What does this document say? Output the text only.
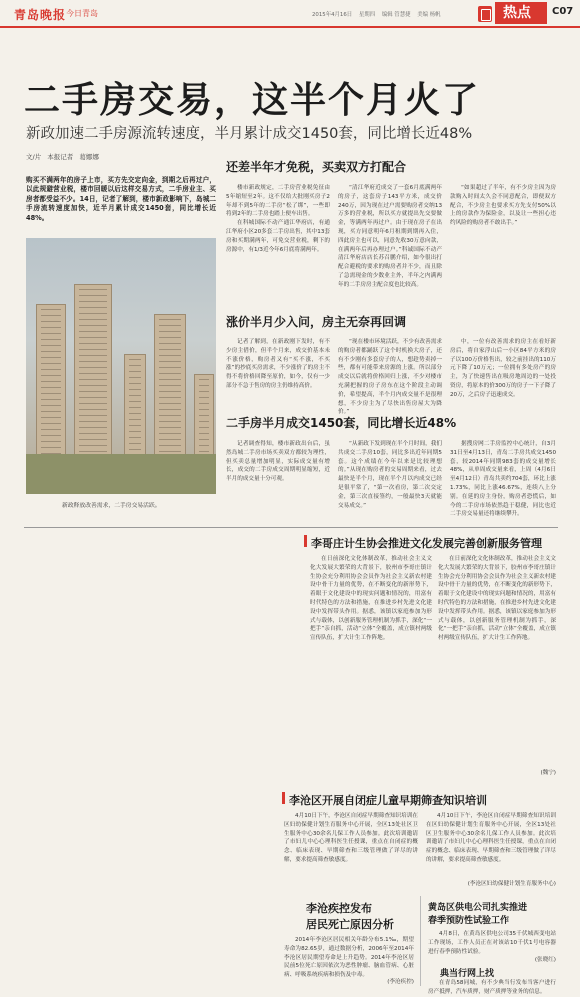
青岛晚报 今日青岛	2015年4月16日 星期四 编辑 管慧捷 美编 杨帆	热点	C07
二手房交易，这半个月火了
新政加速二手房源流转速度，半月累计成交1450套，同比增长近48%
文/片 本报记者 葛娜娜
购买不满两年的房子上市，买方先交定向金，到期之后再过户，以此规避营业税，楼市回暖以后这样交易方式，二手房业主、买房者都受益不少。14日，记者了解到，楼市新政影响下，岛城二手房流转速度加快，近半月累计成交1450套，同比增长近48%。
新政释放改善需求，二手房交易活跃。
还差半年才免税，买卖双方打配合

楼市新政规定，二手房营业税免征由5年缩短至2年。这不仅给大批刚买房子2年却不到5年的二手房“松了绑”，一些即将到2年的二手房也踏上便车出售。

在科城国际不动产通江华府店，有通江华府小区20多套二手房出售，其中13套房和买期满两年，可免交营业税，剩下的房源中，有1/3近今年6月底将满两年。

“清江华府近成交了一套6月底满两年的房子，这套房子143平方米，成交价240万，因为现在过户需要购房者交纳13万多的营业税，所以买方就提出先交要做金，等满两年再过户。由于现在房子在出现，买方同意明年6月租期到期再入住，四此房主也可以，同意先收30万意向款，在满两年后再办理过户。”科诚国际不动产清江华府店店长苏召鹏介绍，如今很出打配合避税的要求的购房者并不少，而且除了急需现金的少数业主外，半年之内满两年的二手房房主配合度也比较高。

“如果超过了半年，有不少房主因为房款购入时间太久会不同意配合，即便双方配合，不少房主也要求买方先支付50%以上的房款作为保险金，以及让一些担心违约风险的购房者不敢出手。”

涨价半月少入问，房主无奈再回调

记者了解到，在新政刚下发时，有不少房主借价，但半个月来，成交价基本未不涨价格，购房者又有“买不涨，不买涨”的抄底买房需求，不少涨价了的房主不得不将价格回降至原价，如今，仅有一少部分不急于售房的房主仍维持高价。

“现在楼市环境活跃，不少有改善需求的购房者都踊跃了这个时机换大房子，还有不少刚有多套房子的人，想趁势卖掉一些，都有可能带来房源的上涨。所以部分成交以后就将价格回归上涨，不少对楼市充满把握的房子房东在这个阶段主动调价，希望提高，半个月内成交量不是很理想，不少房主为了尽快出售房屋大为降价。”

中，一位有改善需求的房主在看好新房后，将自家浮山后一小区84平方米的房子以100万价格售出，较之前挂出的110万元下降了10万元；一位拥有多处房产的房主，为了快速售出在吸房地周边的一处投资房，将原本的价300万的房子一下子降了20万，之后房子迅速成交。

二手房半月成交1450套，同比增长近48%

记者调查得知，楼市新政出台后，虽然岛城二手房市场买卖双方都较为理性，但买卖总量增加明显，实际成交量有增长，成交的二手房成交周期明显缩短，近半月的成交量十分可观。

“从新政下发到现在半个月时间，我们共成交二手房10套，同比多出近年同期5套。这个成绩在今年以来是比较理想的。”从现在购房者的交易周期来看，过去最快是半个月，现在半个月以内成交已经是很平常了，“第一次看房，第二次交定金，第三次直接签约，一般最快3天就能交易成交。”

据搜房网二手房监控中心统计，自3月31日至4月13日，青岛二手房共成交1450套，较2014年同期983套的成交量增长48%，从单周成交量来看，上周（4月6日至4月12日）青岛共卖约704套，环比上涨1.73%，同比上涨46.67%，连续八上分别。在延的房主身份，购房者恐慌后，如今的二手房市场依然趋于稳健，同比也近二手房交易量还将继续攀升。

李哥庄计生协会推进文化发展完善创新服务管理

在日前深化文化体制改革，推动社会主义文化大发展大繁荣的大背景下，胶州市李哥庄镇计生协会充分利用协会会员作为社会主义新农村建设中骨干力量的优势，在不断变化的新形势下，着眼于文化建设中的现实问题和情况的，用富有时代特色的方法和措施，在推进乡村先进文化建设中发挥带头作用。据悉，该镇以家庭参加为形式与载体，以创新服务管理机制为抓手，深化“一把手”亲自抓，活动“立体”全覆盖，成立镇村两级宣传队伍，扩大计生工作阵地。

在日前深化文化体制改革，推动社会主义文化大发展大繁荣的大背景下，胶州市李哥庄镇计生协会充分利用协会会员作为社会主义新农村建设中骨干力量的优势，在不断变化的新形势下，着眼于文化建设中的现实问题和情况的，用富有时代特色的方法和措施，在推进乡村先进文化建设中发挥带头作用。据悉，该镇以家庭参加为形式与载体，以创新服务管理机制为抓手，深化“一把手”亲自抓，活动“立体”全覆盖，成立镇村两级宣传队伍，扩大计生工作阵地。

(魏宁)
李沧区开展自闭症儿童早期筛查知识培训

4月10日下午，李沧区自闭症早期筛查知识培训在区妇幼保健计划生育服务中心开展，全区13处社区卫生服务中心30余名儿保工作人员参加。此次培训邀请了市妇儿中心心理科医生任授课，重点在自闭症的概念、临床表现、早期筛查和三级管理做了详尽的讲解，要求提高筛查敏感度。

4月10日下午，李沧区自闭症早期筛查知识培训在区妇幼保健计划生育服务中心开展，全区13处社区卫生服务中心30余名儿保工作人员参加。此次培训邀请了市妇儿中心心理科医生任授课，重点在自闭症的概念、临床表现、早期筛查和三级管理做了详尽的讲解，要求提高筛查敏感度。

(李沧区妇幼保健计划生育服务中心)
李沧疾控发布
居民死亡原因分析

2014年李沧区居民相关年龄分布5.1‰，期望寿命为82.65岁，通过数据分析，2006年至2014年李沧区居民期望寿命是上升趋势。2014年李沧区居民前5位死亡原因依次为恶性肿瘤、脑血管病、心脏病、呼吸系统疾病和损伤及中毒。

(李沧疾控)
黄岛区供电公司扎实推进
春季预防性试验工作

4月8日，在黄岛区供电公司35千伏城西变电站工作现场，工作人员正在对该站10千伏1号电容器进行春季预防性试验。

(张晓红)
典当行网上找

在青岛58同城，有不少典当行发布当客户进行房产抵押，汽车质押，财产质押等业务的信息。
